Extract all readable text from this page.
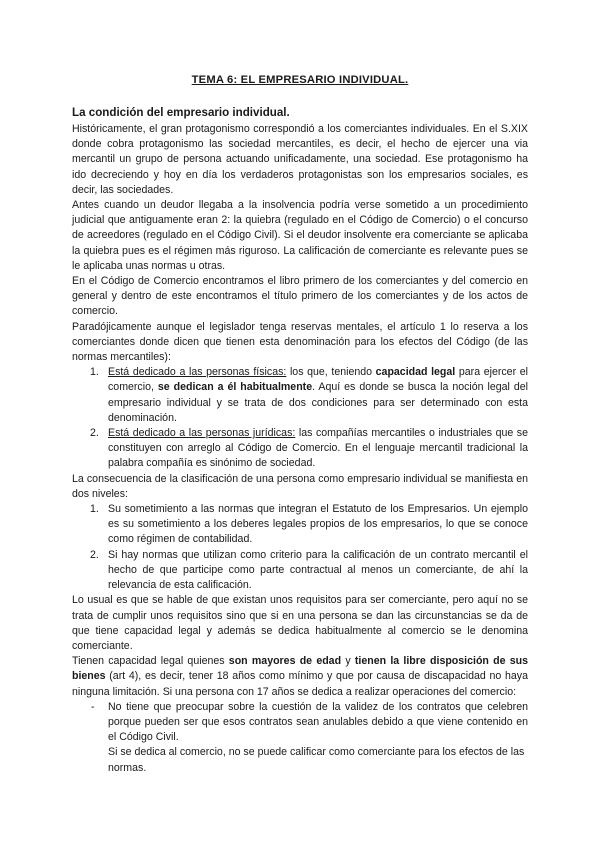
TEMA 6: EL EMPRESARIO INDIVIDUAL.
La condición del empresario individual.

Históricamente, el gran protagonismo correspondió a los comerciantes individuales. En el S.XIX donde cobra protagonismo las sociedad mercantiles, es decir, el hecho de ejercer una via mercantil un grupo de persona actuando unificadamente, una sociedad. Ese protagonismo ha ido decreciendo y hoy en día los verdaderos protagonistas son los empresarios sociales, es decir, las sociedades.

Antes cuando un deudor llegaba a la insolvencia podría verse sometido a un procedimiento judicial que antiguamente eran 2: la quiebra (regulado en el Código de Comercio) o el concurso de acreedores (regulado en el Código Civil). Si el deudor insolvente era comerciante se aplicaba la quiebra pues es el régimen más riguroso. La calificación de comerciante es relevante pues se le aplicaba unas normas u otras.

En el Código de Comercio encontramos el libro primero de los comerciantes y del comercio en general y dentro de este encontramos el título primero de los comerciantes y de los actos de comercio.

Paradójicamente aunque el legislador tenga reservas mentales, el artículo 1 lo reserva a los comerciantes donde dicen que tienen esta denominación para los efectos del Código (de las normas mercantiles):

1. Está dedicado a las personas físicas: los que, teniendo capacidad legal para ejercer el comercio, se dedican a él habitualmente. Aquí es donde se busca la noción legal del empresario individual y se trata de dos condiciones para ser determinado con esta denominación.
2. Está dedicado a las personas jurídicas: las compañías mercantiles o industriales que se constituyen con arreglo al Código de Comercio. En el lenguaje mercantil tradicional la palabra compañía es sinónimo de sociedad.

La consecuencia de la clasificación de una persona como empresario individual se manifiesta en dos niveles:

1. Su sometimiento a las normas que integran el Estatuto de los Empresarios. Un ejemplo es su sometimiento a los deberes legales propios de los empresarios, lo que se conoce como régimen de contabilidad.
2. Si hay normas que utilizan como criterio para la calificación de un contrato mercantil el hecho de que participe como parte contractual al menos un comerciante, de ahí la relevancia de esta calificación.

Lo usual es que se hable de que existan unos requisitos para ser comerciante, pero aquí no se trata de cumplir unos requisitos sino que si en una persona se dan las circunstancias se da de que tiene capacidad legal y además se dedica habitualmente al comercio se le denomina comerciante.

Tienen capacidad legal quienes son mayores de edad y tienen la libre disposición de sus bienes (art 4), es decir, tener 18 años como mínimo y que por causa de discapacidad no haya ninguna limitación. Si una persona con 17 años se dedica a realizar operaciones del comercio:

- No tiene que preocupar sobre la cuestión de la validez de los contratos que celebren porque pueden ser que esos contratos sean anulables debido a que viene contenido en el Código Civil.
Si se dedica al comercio, no se puede calificar como comerciante para los efectos de las normas.
